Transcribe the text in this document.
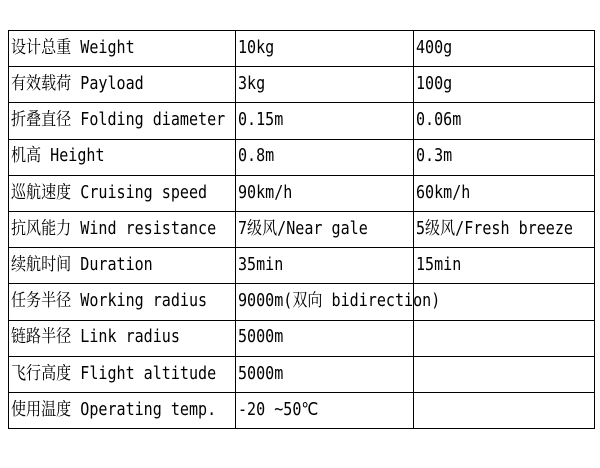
设计总重 Weight	10kg	400g
有效载荷 Payload	3kg	100g
折叠直径 Folding diameter	0.15m	0.06m
机高 Height	0.8m	0.3m
巡航速度 Cruising speed	90km/h	60km/h
抗风能力 Wind resistance	7级风/Near gale	5级风/Fresh breeze
续航时间 Duration	35min	15min
任务半径 Working radius	9000m(双向 bidirection)	
链路半径 Link radius	5000m	
飞行高度 Flight altitude	5000m	
使用温度 Operating temp.	-20 ~50℃	
